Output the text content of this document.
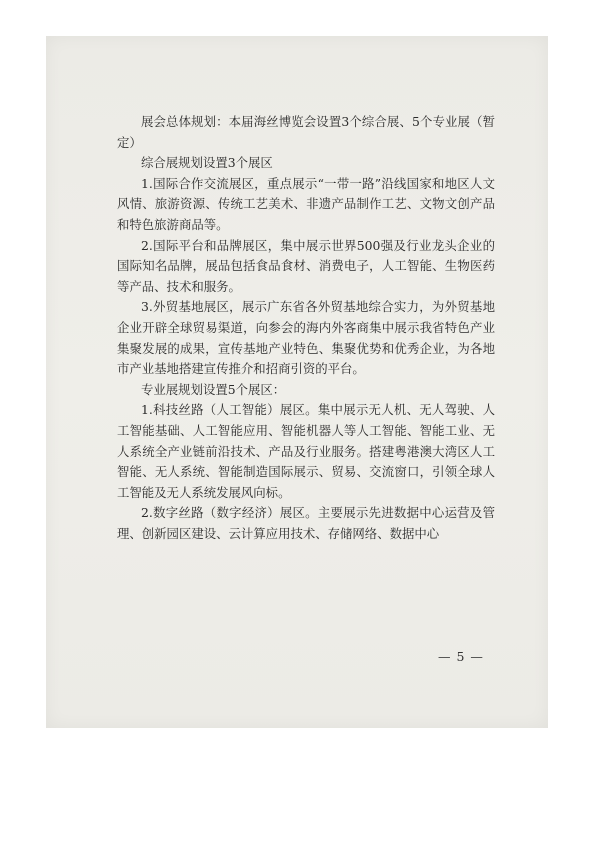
展会总体规划：本届海丝博览会设置3个综合展、5个专业展（暂定）

综合展规划设置3个展区

1.国际合作交流展区，重点展示“一带一路”沿线国家和地区人文风情、旅游资源、传统工艺美术、非遗产品制作工艺、文物文创产品和特色旅游商品等。

2.国际平台和品牌展区，集中展示世界500强及行业龙头企业的国际知名品牌，展品包括食品食材、消费电子，人工智能、生物医药等产品、技术和服务。

3.外贸基地展区，展示广东省各外贸基地综合实力，为外贸基地企业开辟全球贸易渠道，向参会的海内外客商集中展示我省特色产业集聚发展的成果，宣传基地产业特色、集聚优势和优秀企业，为各地市产业基地搭建宣传推介和招商引资的平台。

专业展规划设置5个展区：

1.科技丝路（人工智能）展区。集中展示无人机、无人驾驶、人工智能基础、人工智能应用、智能机器人等人工智能、智能工业、无人系统全产业链前沿技术、产品及行业服务。搭建粤港澳大湾区人工智能、无人系统、智能制造国际展示、贸易、交流窗口，引领全球人工智能及无人系统发展风向标。

2.数字丝路（数字经济）展区。主要展示先进数据中心运营及管理、创新园区建设、云计算应用技术、存储网络、数据中心

— 5 —
